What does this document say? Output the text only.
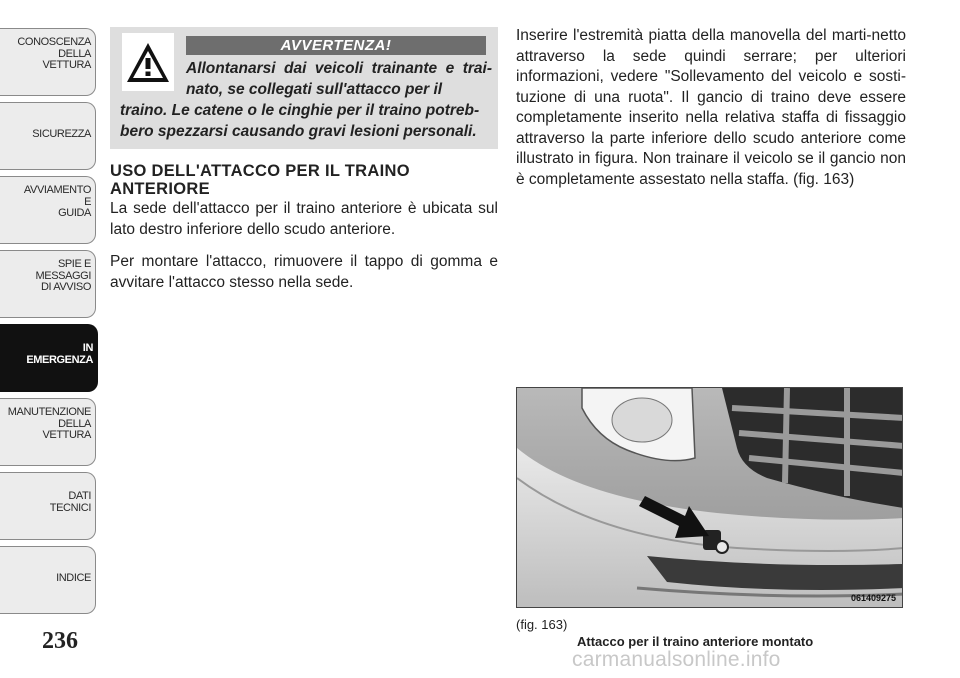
CONOSCENZA
DELLA
VETTURA
SICUREZZA
AVVIAMENTO
E
GUIDA
SPIE E
MESSAGGI
DI AVVISO
IN
EMERGENZA
MANUTENZIONE
DELLA
VETTURA
DATI
TECNICI
INDICE
236
AVVERTENZA!
Allontanarsi dai veicoli trainante e trai-nato, se collegati sull'attacco per il
traino. Le catene o le cinghie per il traino potreb-bero spezzarsi causando gravi lesioni personali.
USO DELL'ATTACCO PER IL TRAINO ANTERIORE
La sede dell'attacco per il traino anteriore è ubicata sul lato destro inferiore dello scudo anteriore.
Per montare l'attacco, rimuovere il tappo di gomma e avvitare l'attacco stesso nella sede.
Inserire l'estremità piatta della manovella del marti-netto attraverso la sede quindi serrare; per ulteriori informazioni, vedere "Sollevamento del veicolo e sosti-tuzione di una ruota". Il gancio di traino deve essere completamente inserito nella relativa staffa di fissaggio attraverso la parte inferiore dello scudo anteriore come illustrato in figura. Non trainare il veicolo se il gancio non è completamente assestato nella staffa. (fig. 163)
061409275
(fig. 163)
Attacco per il traino anteriore montato
carmanualsonline.info
